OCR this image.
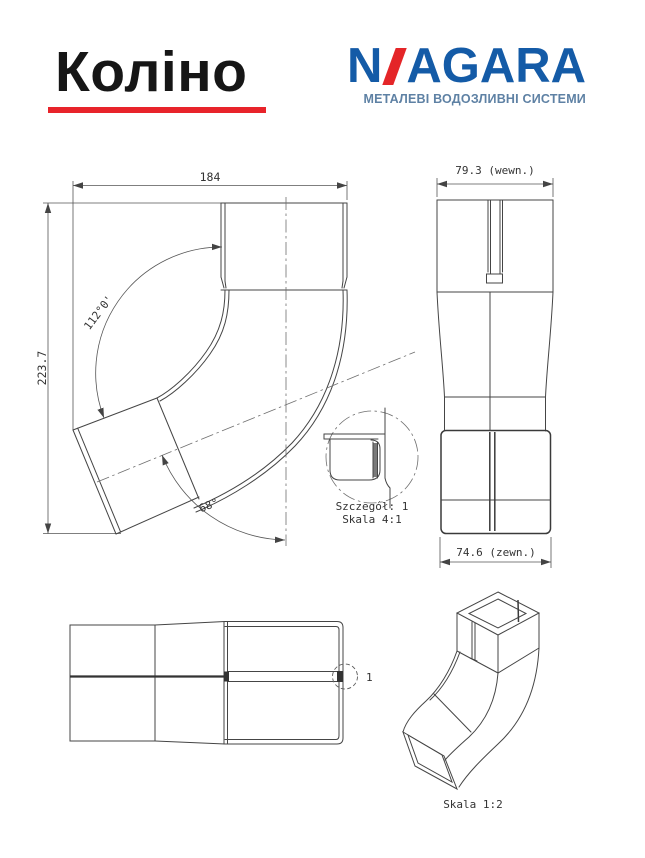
Коліно N AGARA
МЕТАЛЕВІ ВОДОЗЛИВНІ СИСТЕМИ
184
223.7
112°0'
68°
79.3 (wewn.)
74.6 (zewn.)
Szczegół: 1
Skala 4:1
1
Skala 1:2
